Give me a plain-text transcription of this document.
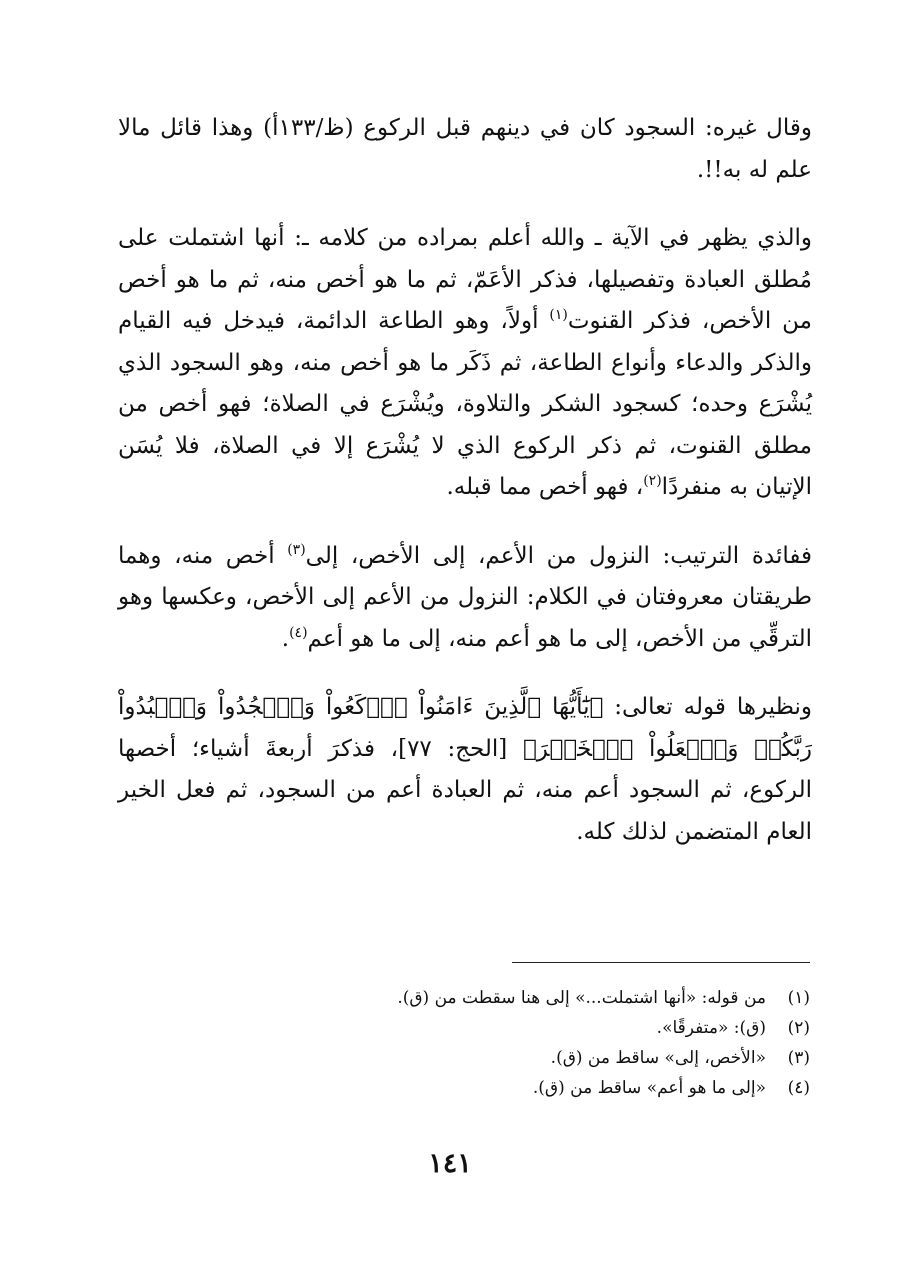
وقال غيره: السجود كان في دينهم قبل الركوع (ظ/١٣٣أ) وهذا قائل مالا علم له به!!.

والذي يظهر في الآية ـ والله أعلم بمراده من كلامه ـ: أنها اشتملت على مُطلق العبادة وتفصيلها، فذكر الأعَمّ، ثم ما هو أخص منه، ثم ما هو أخص من الأخص، فذكر القنوت$^{(١)}$ أولاً، وهو الطاعة الدائمة، فيدخل فيه القيام والذكر والدعاء وأنواع الطاعة، ثم ذَكَر ما هو أخص منه، وهو السجود الذي يُشْرَع وحده؛ كسجود الشكر والتلاوة، ويُشْرَع في الصلاة؛ فهو أخص من مطلق القنوت، ثم ذكر الركوع الذي لا يُشْرَع إلا في الصلاة، فلا يُسَن الإتيان به منفردًا$^{(٢)}$، فهو أخص مما قبله.

ففائدة الترتيب: النزول من الأعم، إلى الأخص، إلى$^{(٣)}$ أخص منه، وهما طريقتان معروفتان في الكلام: النزول من الأعم إلى الأخص، وعكسها وهو الترقِّي من الأخص، إلى ما هو أعم منه، إلى ما هو أعم$^{(٤)}$.

ونظيرها قوله تعالى: ﴿يَٰٓأَيُّهَا ٱلَّذِينَ ءَامَنُواْ ٱرۡكَعُواْ وَٱسۡجُدُواْ وَٱعۡبُدُواْ رَبَّكُمۡ وَٱفۡعَلُواْ ٱلۡخَيۡرَ﴾ [الحج: ٧٧]، فذكرَ أربعةَ أشياء؛ أخصها الركوع، ثم السجود أعم منه، ثم العبادة أعم من السجود، ثم فعل الخير العام المتضمن لذلك كله.

(١)من قوله: «أنها اشتملت...» إلى هنا سقطت من (ق).
(٢)(ق): «متفرقًا».
(٣)«الأخص، إلى» ساقط من (ق).
(٤)«إلى ما هو أعم» ساقط من (ق).
١٤١
